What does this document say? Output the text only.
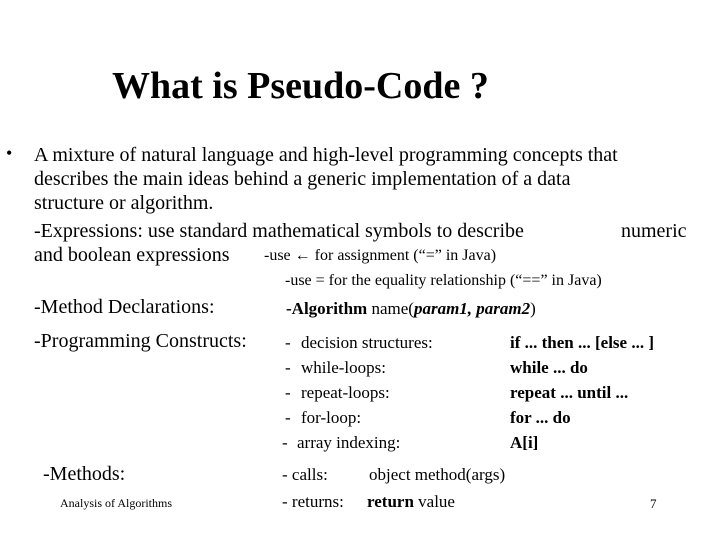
What is Pseudo-Code ?
• A mixture of natural language and high-level programming concepts that
describes the main ideas behind a generic implementation of a data
structure or algorithm.
-Expressions: use standard mathematical symbols to describe	numeric
and boolean expressions -use ← for assignment (“=” in Java)
-use = for the equality relationship (“==” in Java)
-Method Declarations:	-Algorithm name(param1, param2)
-Programming Constructs: - decision structures:	if ... then ... [else ... ]
- while-loops:	while ... do
- repeat-loops:	repeat ... until ...
- for-loop:	for ... do
- array indexing:	A[i]
-Methods:	- calls: object method(args)
- returns: return value
Analysis of Algorithms	7
